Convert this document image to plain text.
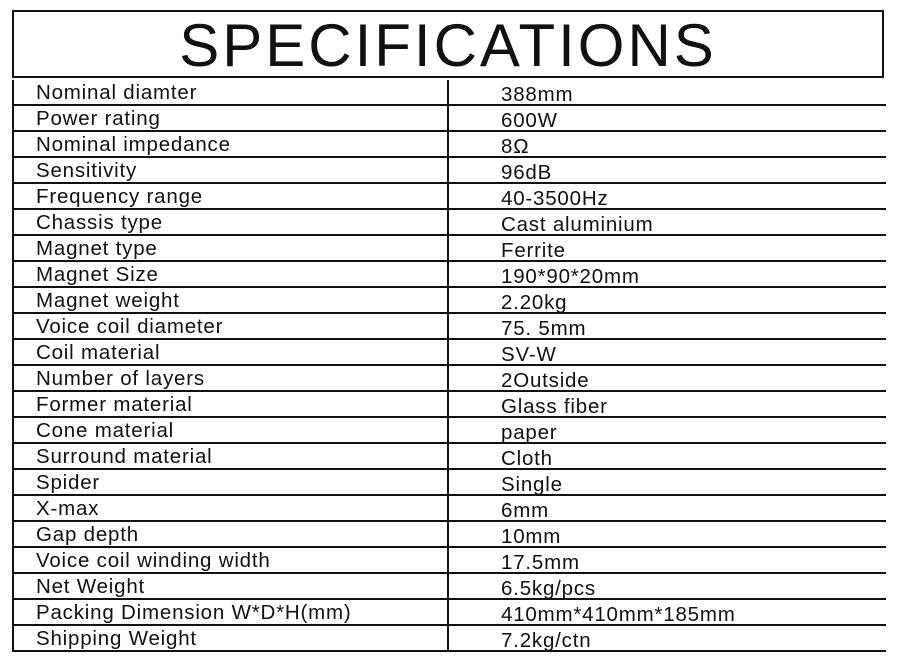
SPECIFICATIONS
Nominal diamter	388mm
Power rating	600W
Nominal impedance	8Ω
Sensitivity	96dB
Frequency range	40-3500Hz
Chassis type	Cast aluminium
Magnet type	Ferrite
Magnet Size	190*90*20mm
Magnet weight	2.20kg
Voice coil diameter	75. 5mm
Coil material	SV-W
Number of layers	2Outside
Former material	Glass fiber
Cone material	paper
Surround material	Cloth
Spider	Single
X-max	6mm
Gap depth	10mm
Voice coil winding width	17.5mm
Net Weight	6.5kg/pcs
Packing Dimension W*D*H(mm)	410mm*410mm*185mm
Shipping Weight	7.2kg/ctn
